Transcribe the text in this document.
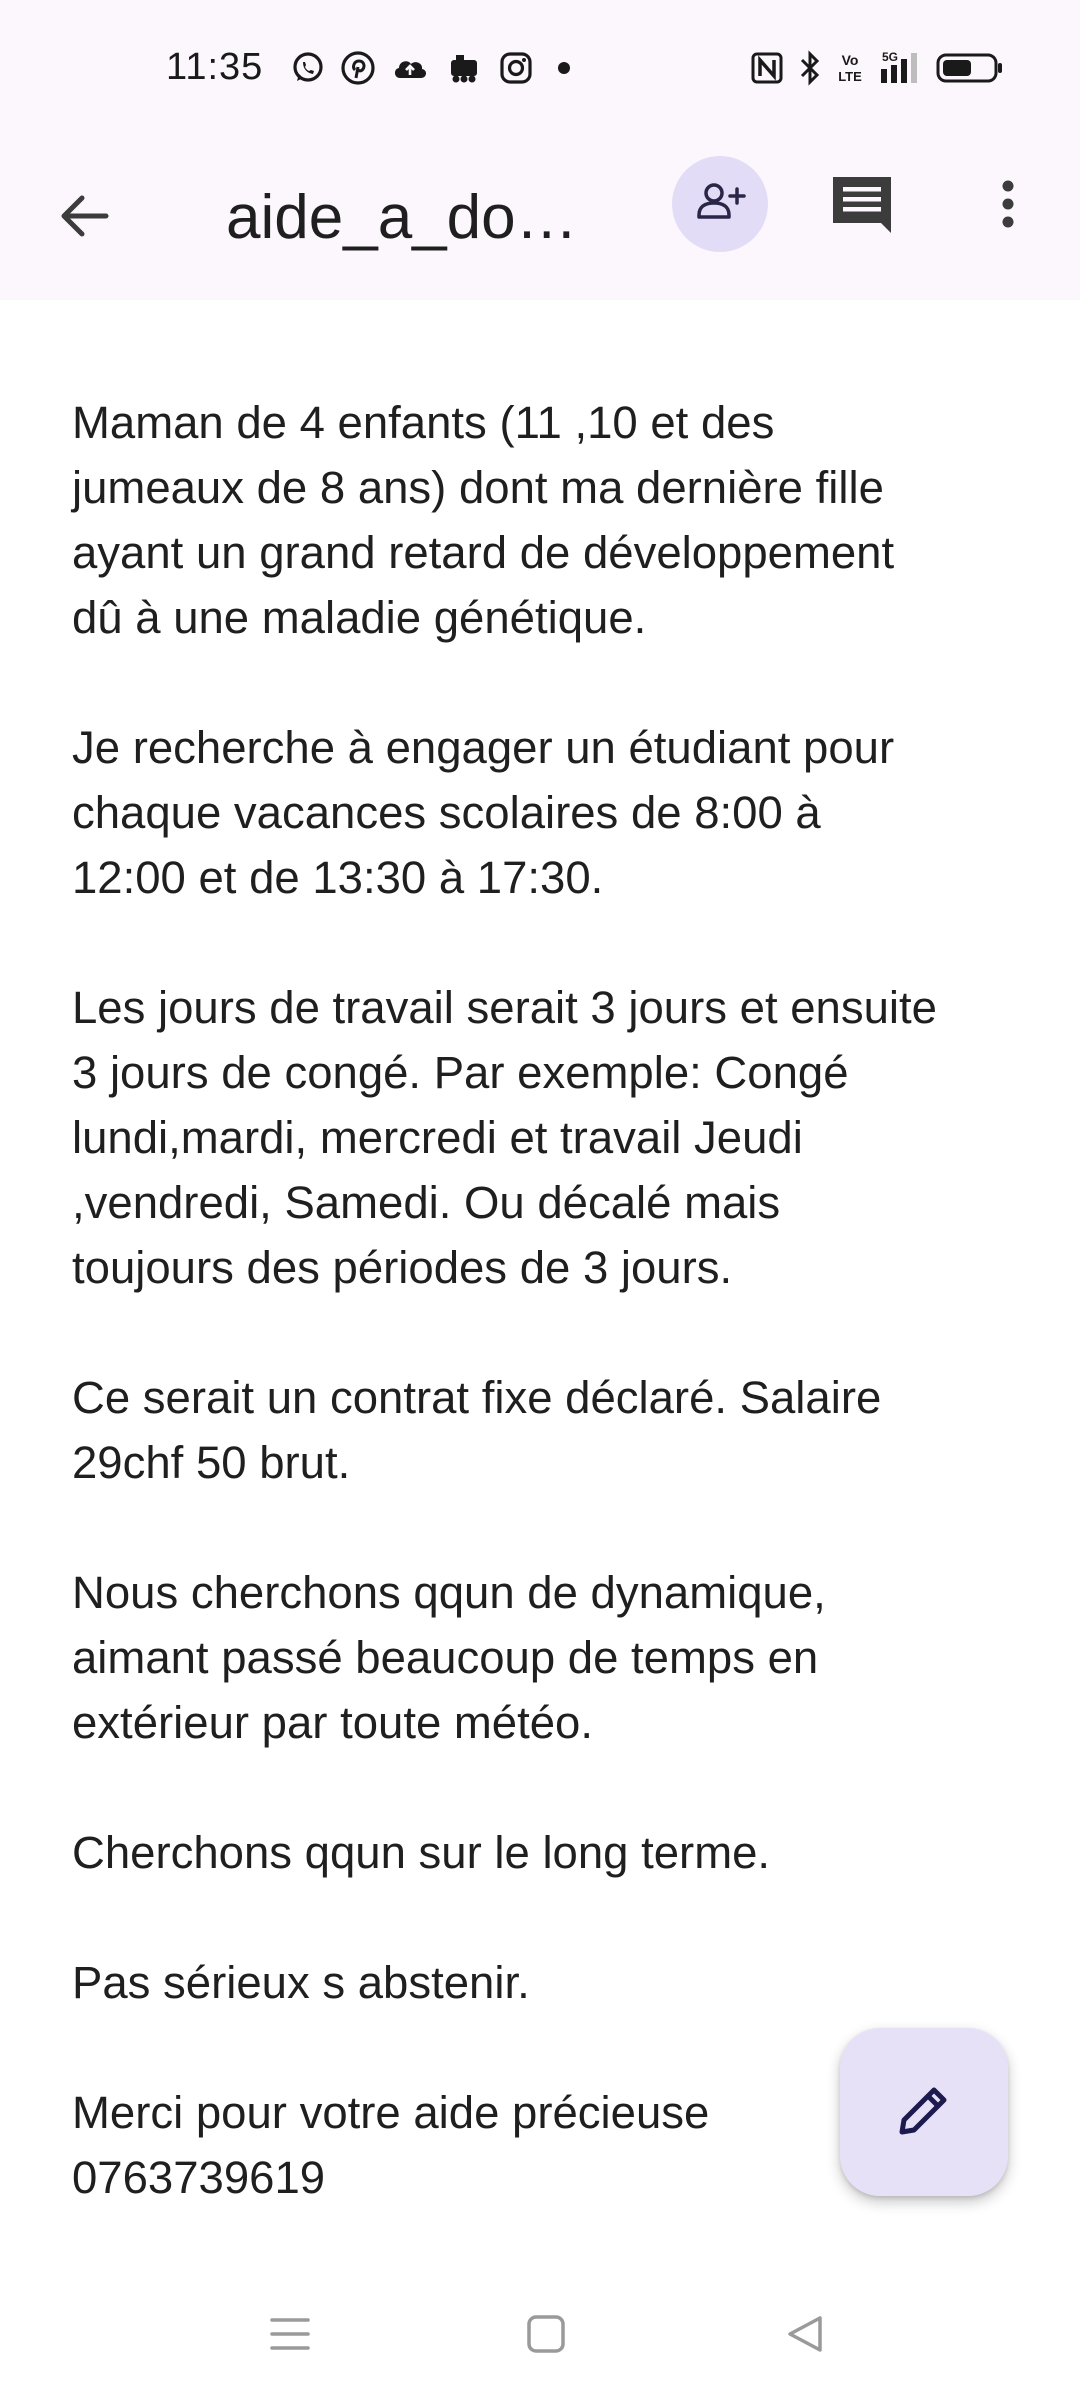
11:35	Vo
LTE
5G
aide_a_do…

Maman de 4 enfants (11 ,10 et des
jumeaux de 8 ans) dont ma dernière fille
ayant un grand retard de développement
dû à une maladie génétique.

Je recherche à engager un étudiant pour
chaque vacances scolaires de 8:00 à
12:00 et de 13:30 à 17:30.

Les jours de travail serait 3 jours et ensuite
3 jours de congé. Par exemple: Congé
lundi,mardi, mercredi et travail Jeudi
,vendredi, Samedi. Ou décalé mais
toujours des périodes de 3 jours.

Ce serait un contrat fixe déclaré. Salaire
29chf 50 brut.

Nous cherchons qqun de dynamique,
aimant passé beaucoup de temps en
extérieur par toute météo.

Cherchons qqun sur le long terme.

Pas sérieux s abstenir.

Merci pour votre aide précieuse
0763739619
